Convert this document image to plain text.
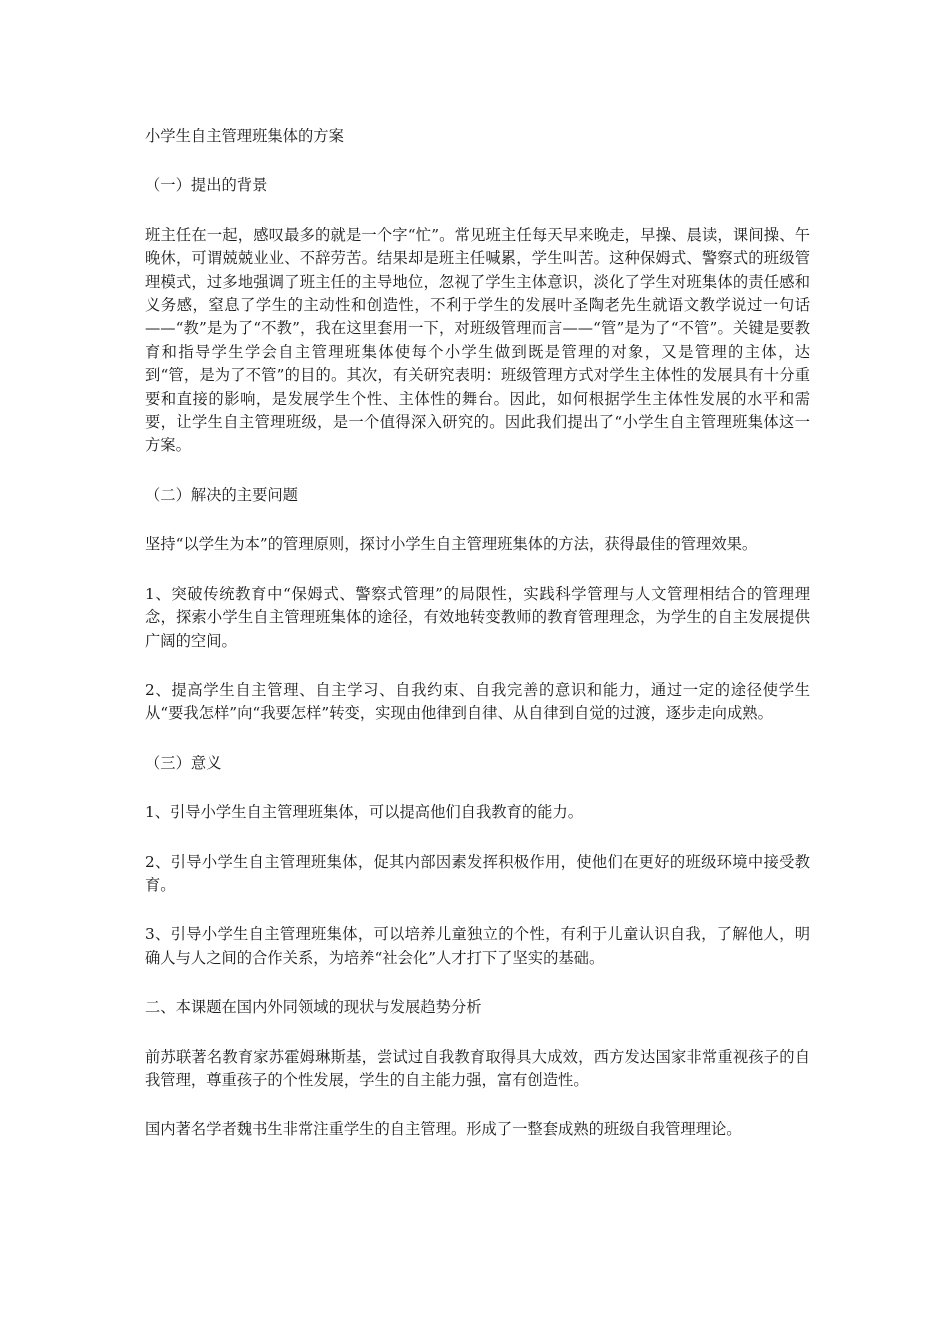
小学生自主管理班集体的方案

（一）提出的背景

班主任在一起，感叹最多的就是一个字“忙”。常见班主任每天早来晚走，早操、晨读，课间操、午晚休，可谓兢兢业业、不辞劳苦。结果却是班主任喊累，学生叫苦。这种保姆式、警察式的班级管理模式，过多地强调了班主任的主导地位，忽视了学生主体意识，淡化了学生对班集体的责任感和义务感，窒息了学生的主动性和创造性，不利于学生的发展叶圣陶老先生就语文教学说过一句话——“教”是为了“不教”，我在这里套用一下，对班级管理而言——“管”是为了“不管”。关键是要教育和指导学生学会自主管理班集体使每个小学生做到既是管理的对象，又是管理的主体，达到“管，是为了不管”的目的。其次，有关研究表明：班级管理方式对学生主体性的发展具有十分重要和直接的影响，是发展学生个性、主体性的舞台。因此，如何根据学生主体性发展的水平和需要，让学生自主管理班级，是一个值得深入研究的。因此我们提出了“小学生自主管理班集体这一方案。

（二）解决的主要问题

坚持“以学生为本”的管理原则，探讨小学生自主管理班集体的方法，获得最佳的管理效果。

1、突破传统教育中“保姆式、警察式管理”的局限性，实践科学管理与人文管理相结合的管理理念，探索小学生自主管理班集体的途径，有效地转变教师的教育管理理念，为学生的自主发展提供广阔的空间。

2、提高学生自主管理、自主学习、自我约束、自我完善的意识和能力，通过一定的途径使学生从“要我怎样”向“我要怎样”转变，实现由他律到自律、从自律到自觉的过渡，逐步走向成熟。

（三）意义

1、引导小学生自主管理班集体，可以提高他们自我教育的能力。

2、引导小学生自主管理班集体，促其内部因素发挥积极作用，使他们在更好的班级环境中接受教育。

3、引导小学生自主管理班集体，可以培养儿童独立的个性，有利于儿童认识自我，了解他人，明确人与人之间的合作关系，为培养“社会化”人才打下了坚实的基础。

二、本课题在国内外同领域的现状与发展趋势分析

前苏联著名教育家苏霍姆琳斯基，尝试过自我教育取得具大成效，西方发达国家非常重视孩子的自我管理，尊重孩子的个性发展，学生的自主能力强，富有创造性。

国内著名学者魏书生非常注重学生的自主管理。形成了一整套成熟的班级自我管理理论。
